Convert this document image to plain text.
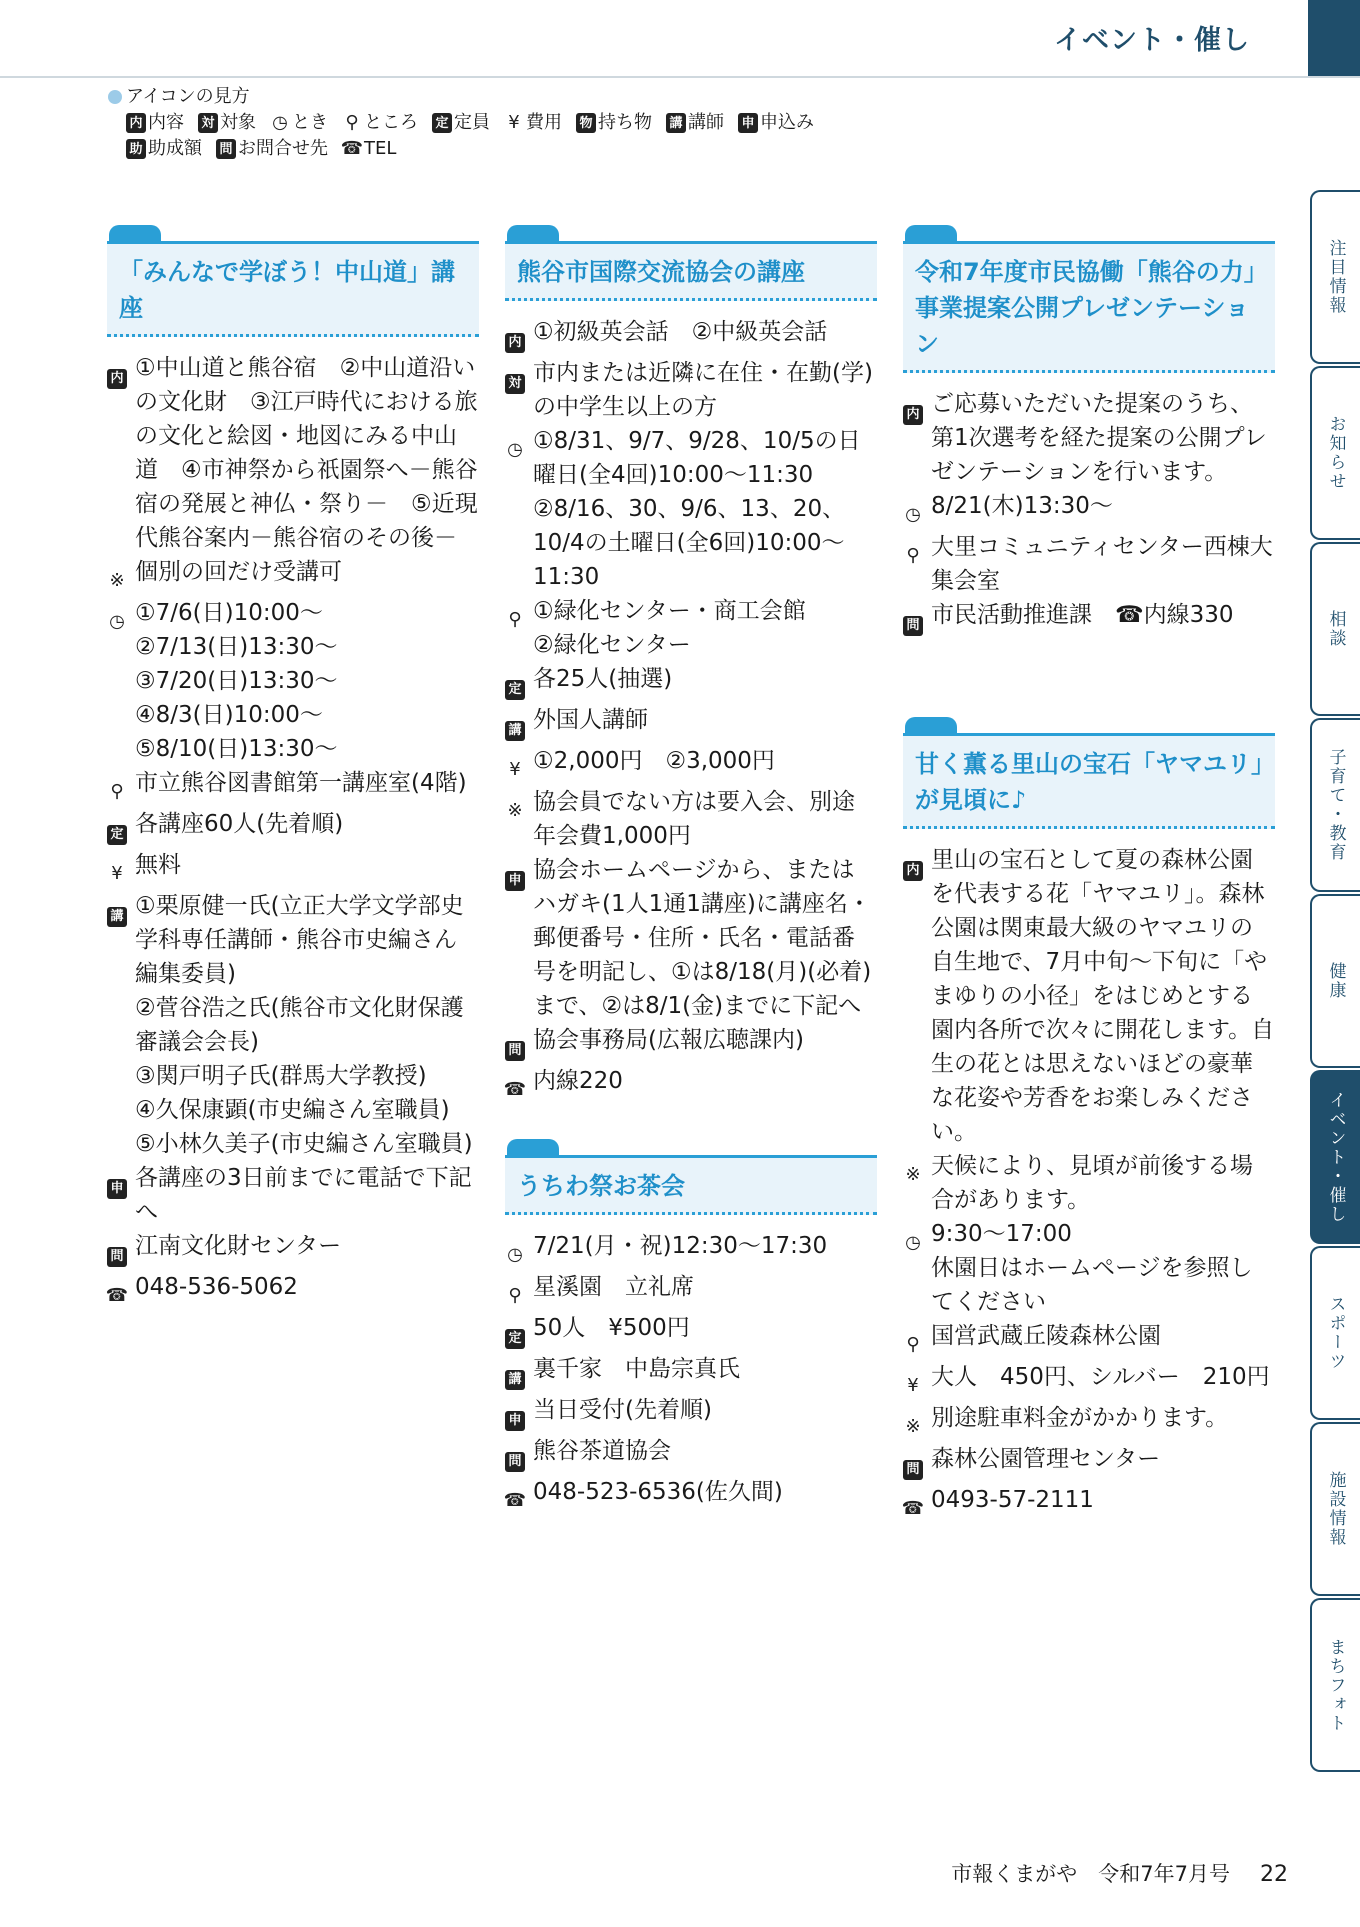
イベント・催し
アイコンの見方
内 内容 対 対象 ◷ とき ⚲ ところ 定 定員 ¥ 費用 物 持ち物 講 講師 申 申込み
助 助成額 問 お問合せ先 ☎ TEL
「みんなで学ぼう！中山道」講座
内 ①中山道と熊谷宿　②中山道沿いの文化財　③江戸時代における旅の文化と絵図・地図にみる中山道　④市神祭から祇園祭へ－熊谷宿の発展と神仏・祭り－　⑤近現代熊谷案内－熊谷宿のその後－
※ 個別の回だけ受講可
◷ ①7/6(日)10:00～
②7/13(日)13:30～
③7/20(日)13:30～
④8/3(日)10:00～
⑤8/10(日)13:30～
⚲ 市立熊谷図書館第一講座室(4階)
定 各講座60人(先着順)
¥ 無料
講 ①栗原健一氏(立正大学文学部史学科専任講師・熊谷市史編さん編集委員)
②菅谷浩之氏(熊谷市文化財保護審議会会長)
③関戸明子氏(群馬大学教授)
④久保康顕(市史編さん室職員)
⑤小林久美子(市史編さん室職員)
申 各講座の3日前までに電話で下記へ
問 江南文化財センター
☎ 048-536-5062
熊谷市国際交流協会の講座
内 ①初級英会話　②中級英会話
対 市内または近隣に在住・在勤(学)の中学生以上の方
◷ ①8/31、9/7、9/28、10/5の日曜日(全4回)10:00～11:30
②8/16、30、9/6、13、20、10/4の土曜日(全6回)10:00～11:30
⚲ ①緑化センター・商工会館
②緑化センター
定 各25人(抽選)
講 外国人講師
¥ ①2,000円　②3,000円
※ 協会員でない方は要入会、別途年会費1,000円
申 協会ホームページから、またはハガキ(1人1通1講座)に講座名・郵便番号・住所・氏名・電話番号を明記し、①は8/18(月)(必着)まで、②は8/1(金)までに下記へ
問 協会事務局(広報広聴課内)
☎ 内線220
うちわ祭お茶会
◷ 7/21(月・祝)12:30～17:30
⚲ 星溪園　立礼席
定 50人　¥500円
講 裏千家　中島宗真氏
申 当日受付(先着順)
問 熊谷茶道協会
☎ 048-523-6536(佐久間)
令和7年度市民協働「熊谷の力」事業提案公開プレゼンテーション
内 ご応募いただいた提案のうち、第1次選考を経た提案の公開プレゼンテーションを行います。
◷ 8/21(木)13:30～
⚲ 大里コミュニティセンター西棟大集会室
問 市民活動推進課　☎内線330
甘く薫る里山の宝石「ヤマユリ」が見頃に♪
内 里山の宝石として夏の森林公園を代表する花「ヤマユリ」。森林公園は関東最大級のヤマユリの自生地で、7月中旬～下旬に「やまゆりの小径」をはじめとする園内各所で次々に開花します。自生の花とは思えないほどの豪華な花姿や芳香をお楽しみください。
※ 天候により、見頃が前後する場合があります。
◷ 9:30～17:00
休園日はホームページを参照してください
⚲ 国営武蔵丘陵森林公園
¥ 大人　450円、シルバー　210円
※ 別途駐車料金がかかります。
問 森林公園管理センター
☎ 0493-57-2111
注目情報
お知らせ
相談
子育て・教育
健康
イベント・催し
スポーツ
施設情報
まちフォト
市報くまがや　令和7年7月号 22
